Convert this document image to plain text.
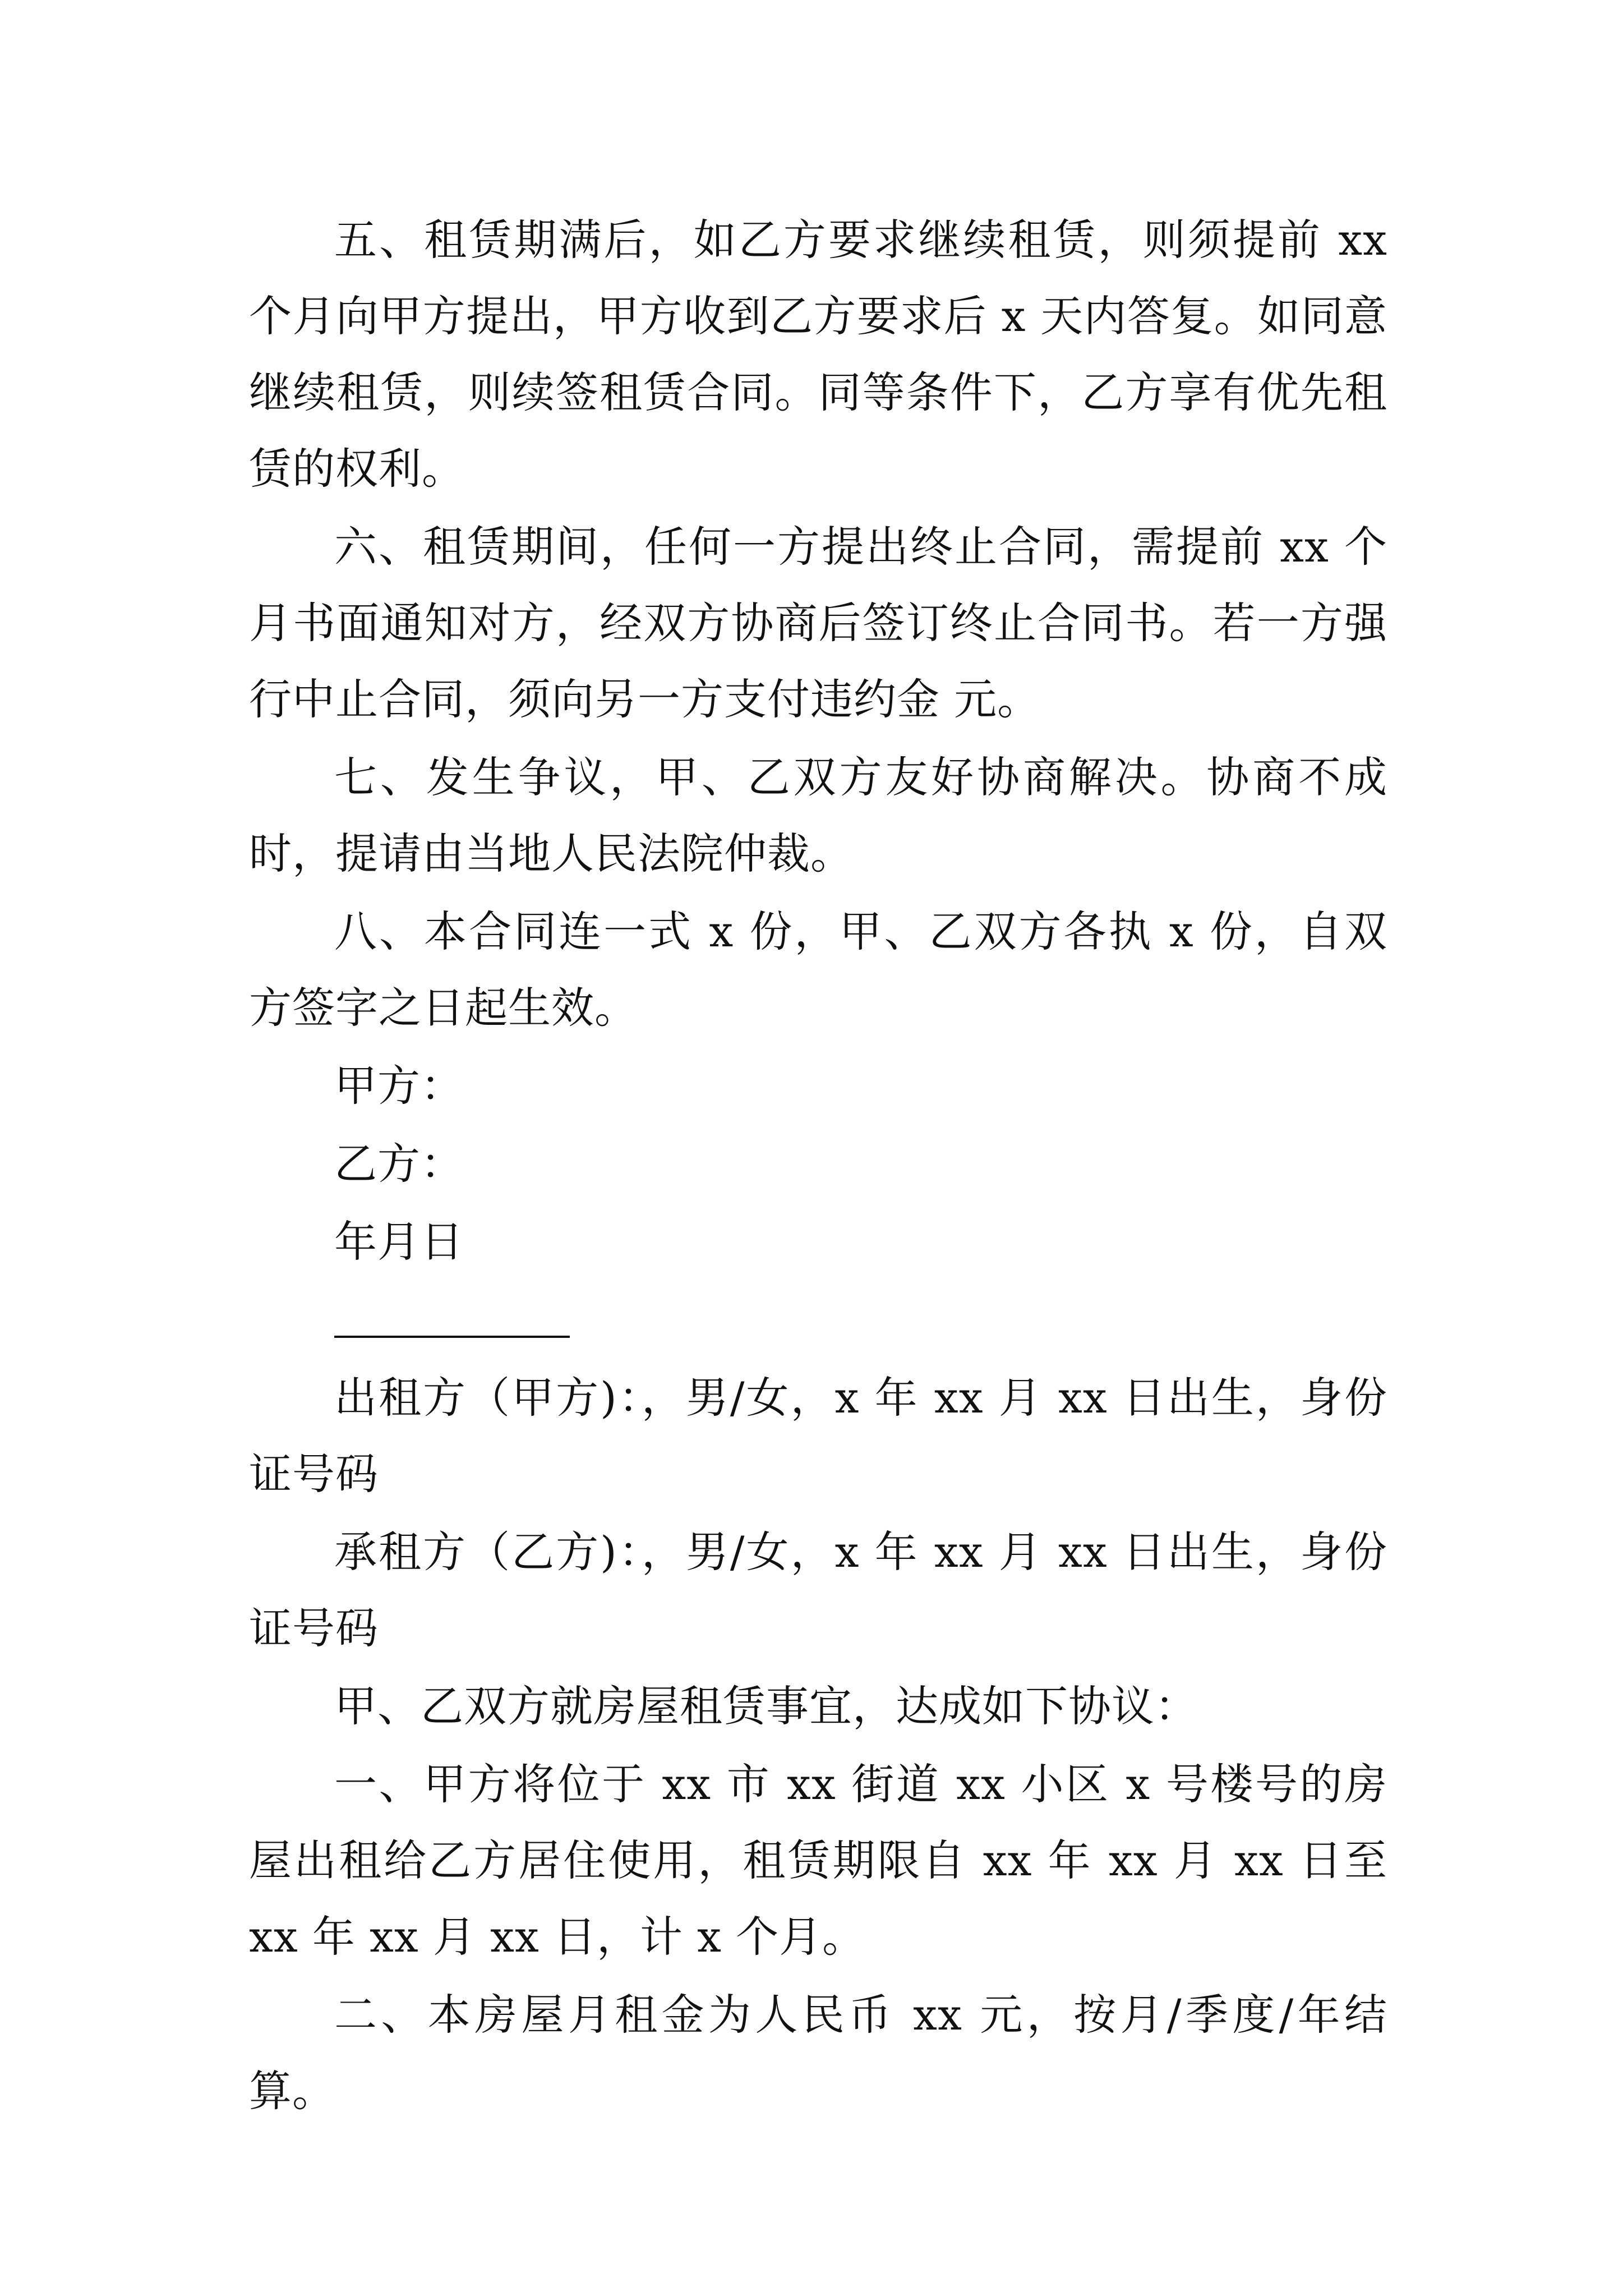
五、租赁期满后，如乙方要求继续租赁，则须提前 xx 个月向甲方提出，甲方收到乙方要求后 x 天内答复。如同意继续租赁，则续签租赁合同。同等条件下，乙方享有优先租赁的权利。

六、租赁期间，任何一方提出终止合同，需提前 xx 个月书面通知对方，经双方协商后签订终止合同书。若一方强行中止合同，须向另一方支付违约金 元。

七、发生争议，甲、乙双方友好协商解决。协商不成时，提请由当地人民法院仲裁。

八、本合同连一式 x 份，甲、乙双方各执 x 份，自双方签字之日起生效。

甲方：
乙方：
年月日

出租方（甲方)：，男/女，x 年 xx 月 xx 日出生，身份证号码

承租方（乙方)：，男/女，x 年 xx 月 xx 日出生，身份证号码

甲、乙双方就房屋租赁事宜，达成如下协议：

一、甲方将位于 xx 市 xx 街道 xx 小区 x 号楼号的房屋出租给乙方居住使用，租赁期限自 xx 年 xx 月 xx 日至 xx 年 xx 月 xx 日，计 x 个月。

二、本房屋月租金为人民币 xx 元，按月/季度/年结算。
